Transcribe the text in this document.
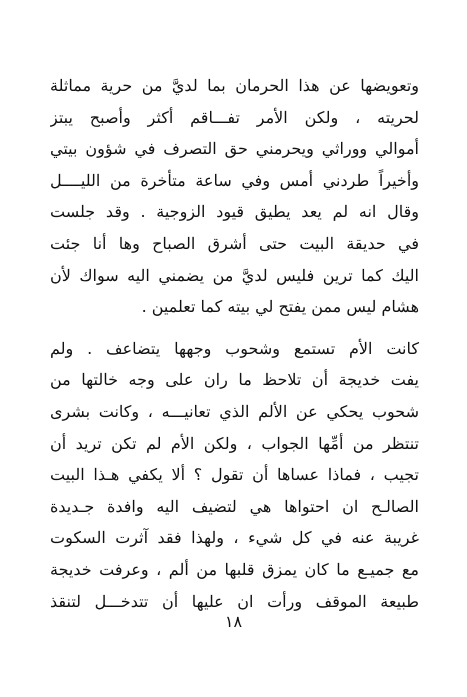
وتعويضها عن هذا الحرمان بما لديَّ من حرية مماثلة
لحريته ، ولكن الأمر تفـــاقم أكثر وأصبح يبتز
أموالي ووراثي ويحرمني حق التصرف في شؤون بيتي
وأخيراً طردني أمس وفي ساعة متأخرة من الليــــل
وقال انه لم يعد يطيق قيود الزوجية . وقد جلست
في حديقة البيت حتى أشرق الصباح وها أنا جئت
اليك كما ترين فليس لديَّ من يضمني اليه سواك لأن
هشام ليس ممن يفتح لي بيته كما تعلمين .

كانت الأم تستمع وشحوب وجهها يتضاعف . ولم
يفت خديجة أن تلاحظ ما ران على وجه خالتها من
شحوب يحكي عن الألم الذي تعانيـــه ، وكانت بشرى
تنتظر من أمِّها الجواب ، ولكن الأم لم تكن تريد أن
تجيب ، فماذا عساها أن تقول ؟ ألا يكفي هـذا البيت
الصالـح ان احتواها هي لتضيف اليه وافدة جـديدة
غريبة عنه في كل شيء ، ولهذا فقد آثرت السكوت
مع جميـع ما كان يمزق قلبها من ألم ، وعرفت خديجة
طبيعة الموقف ورأت ان عليها أن تتدخـــل لتنقذ

١٨
